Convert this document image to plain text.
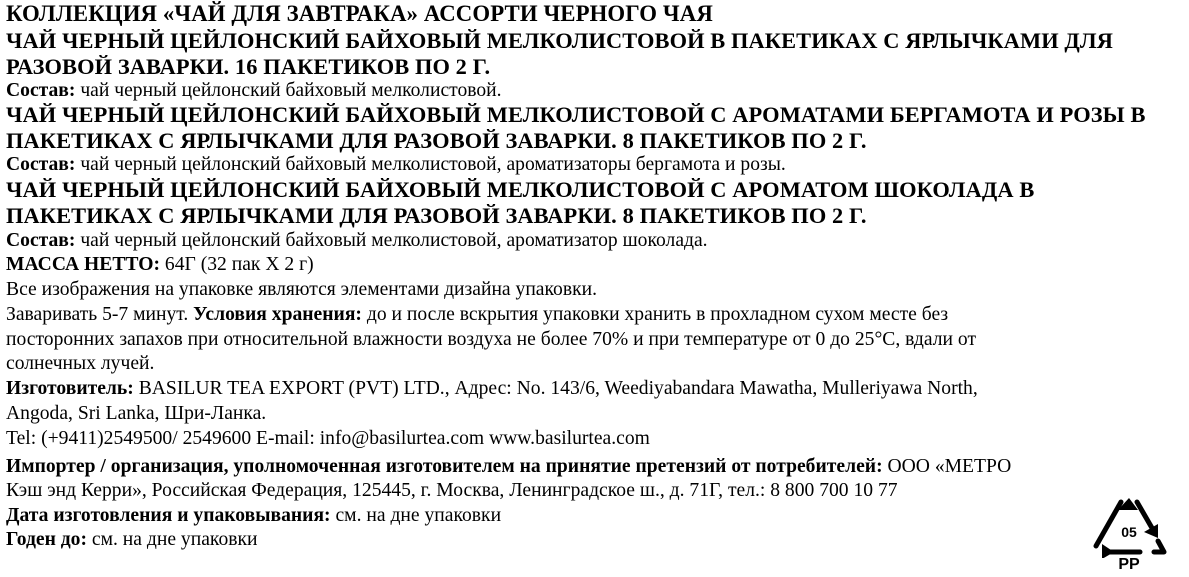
КОЛЛЕКЦИЯ «ЧАЙ ДЛЯ ЗАВТРАКА» АССОРТИ ЧЕРНОГО ЧАЯ

ЧАЙ ЧЕРНЫЙ ЦЕЙЛОНСКИЙ БАЙХОВЫЙ МЕЛКОЛИСТОВОЙ В ПАКЕТИКАХ С ЯРЛЫЧКАМИ ДЛЯ

РАЗОВОЙ ЗАВАРКИ. 16 ПАКЕТИКОВ ПО 2 Г.

Состав: чай черный цейлонский байховый мелколистовой.

ЧАЙ ЧЕРНЫЙ ЦЕЙЛОНСКИЙ БАЙХОВЫЙ МЕЛКОЛИСТОВОЙ С АРОМАТАМИ БЕРГАМОТА И РОЗЫ В

ПАКЕТИКАХ С ЯРЛЫЧКАМИ ДЛЯ РАЗОВОЙ ЗАВАРКИ. 8 ПАКЕТИКОВ ПО 2 Г.

Состав: чай черный цейлонский байховый мелколистовой, ароматизаторы бергамота и розы.

ЧАЙ ЧЕРНЫЙ ЦЕЙЛОНСКИЙ БАЙХОВЫЙ МЕЛКОЛИСТОВОЙ С АРОМАТОМ ШОКОЛАДА В

ПАКЕТИКАХ С ЯРЛЫЧКАМИ ДЛЯ РАЗОВОЙ ЗАВАРКИ. 8 ПАКЕТИКОВ ПО 2 Г.

Состав: чай черный цейлонский байховый мелколистовой, ароматизатор шоколада.

МАССА НЕТТО: 64Г (32 пак Х 2 г)

Все изображения на упаковке являются элементами дизайна упаковки.

Заваривать 5-7 минут. Условия хранения: до и после вскрытия упаковки хранить в прохладном сухом месте без

посторонних запахов при относительной влажности воздуха не более 70% и при температуре от 0 до 25°С, вдали от

солнечных лучей.

Изготовитель: BASILUR TEA EXPORT (PVT) LTD., Адрес: No. 143/6, Weediyabandara Mawatha, Mulleriyawa North,

Angoda, Sri Lanka, Шри-Ланка.

Tel: (+9411)2549500/ 2549600 E-mail: info@basilurtea.com www.basilurtea.com

Импортер / организация, уполномоченная изготовителем на принятие претензий от потребителей: ООО «МЕТРО

Кэш энд Керри», Российская Федерация, 125445, г. Москва, Ленинградское ш., д. 71Г, тел.: 8 800 700 10 77

Дата изготовления и упаковывания: см. на дне упаковки

Годен до: см. на дне упаковки	05
PP
